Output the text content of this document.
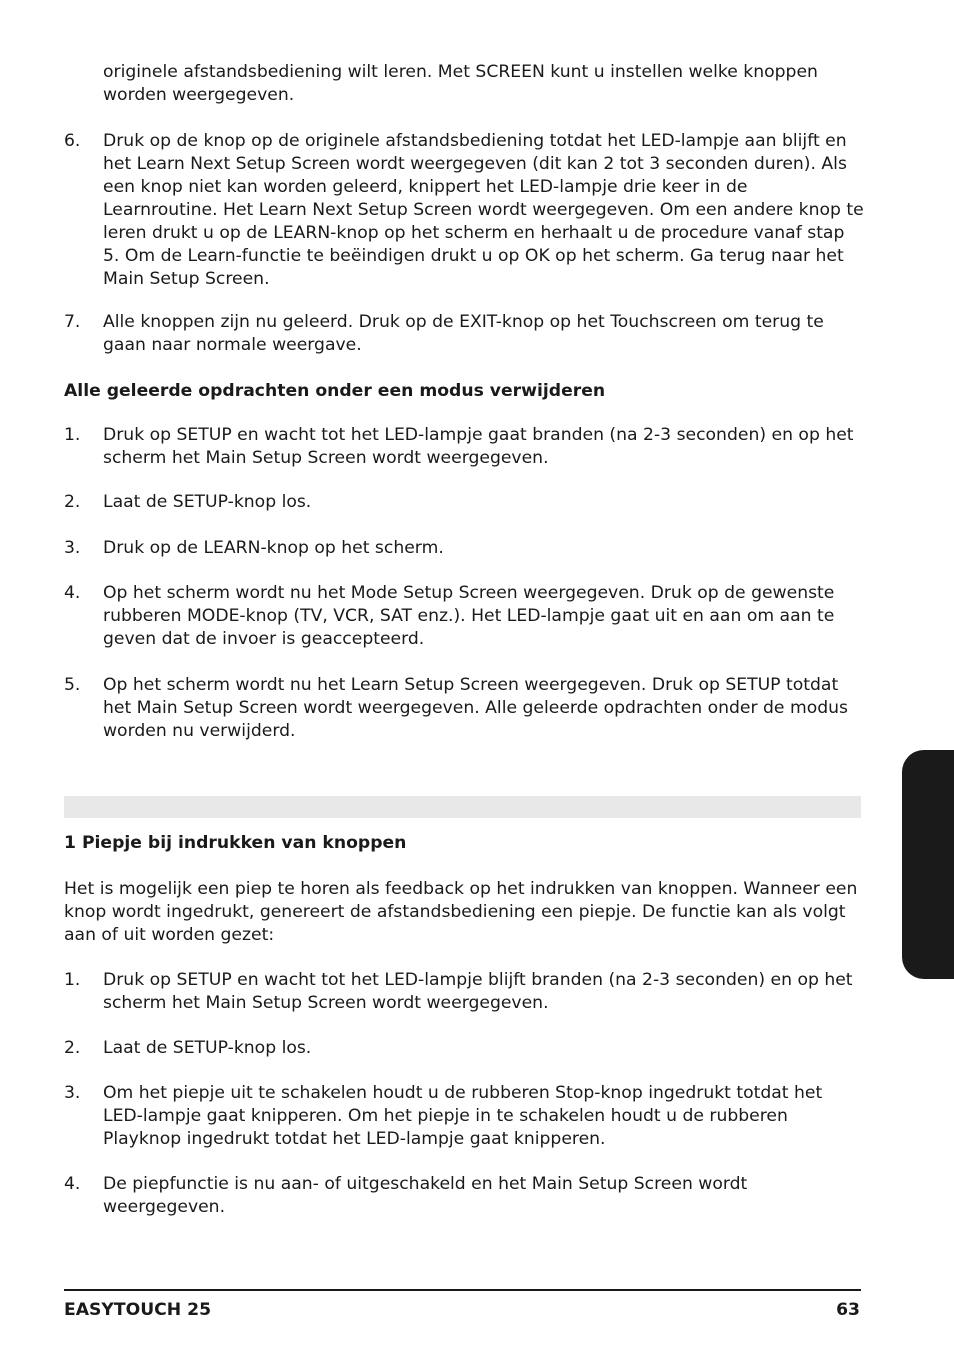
originele afstandsbediening wilt leren. Met SCREEN kunt u instellen welke knoppen worden weergegeven.

6.	Druk op de knop op de originele afstandsbediening totdat het LED-lampje aan blijft en het Learn Next Setup Screen wordt weergegeven (dit kan 2 tot 3 seconden duren). Als een knop niet kan worden geleerd, knippert het LED-lampje drie keer in de Learnroutine. Het Learn Next Setup Screen wordt weergegeven. Om een andere knop te leren drukt u op de LEARN-knop op het scherm en herhaalt u de procedure vanaf stap 5. Om de Learn-functie te beëindigen drukt u op OK op het scherm. Ga terug naar het Main Setup Screen.
7.	Alle knoppen zijn nu geleerd. Druk op de EXIT-knop op het Touchscreen om terug te gaan naar normale weergave.
Alle geleerde opdrachten onder een modus verwijderen
1.	Druk op SETUP en wacht tot het LED-lampje gaat branden (na 2-3 seconden) en op het scherm het Main Setup Screen wordt weergegeven.
2.	Laat de SETUP-knop los.
3.	Druk op de LEARN-knop op het scherm.
4.	Op het scherm wordt nu het Mode Setup Screen weergegeven. Druk op de gewenste rubberen MODE-knop (TV, VCR, SAT enz.). Het LED-lampje gaat uit en aan om aan te geven dat de invoer is geaccepteerd.
5.	Op het scherm wordt nu het Learn Setup Screen weergegeven. Druk op SETUP totdat het Main Setup Screen wordt weergegeven. Alle geleerde opdrachten onder de modus worden nu verwijderd.
1 Piepje bij indrukken van knoppen

Het is mogelijk een piep te horen als feedback op het indrukken van knoppen. Wanneer een knop wordt ingedrukt, genereert de afstandsbediening een piepje. De functie kan als volgt aan of uit worden gezet:

1.	Druk op SETUP en wacht tot het LED-lampje blijft branden (na 2-3 seconden) en op het scherm het Main Setup Screen wordt weergegeven.
2.	Laat de SETUP-knop los.
3.	Om het piepje uit te schakelen houdt u de rubberen Stop-knop ingedrukt totdat het LED-lampje gaat knipperen. Om het piepje in te schakelen houdt u de rubberen Playknop ingedrukt totdat het LED-lampje gaat knipperen.
4.	De piepfunctie is nu aan- of uitgeschakeld en het Main Setup Screen wordt weergegeven.
EASYTOUCH 25	63
